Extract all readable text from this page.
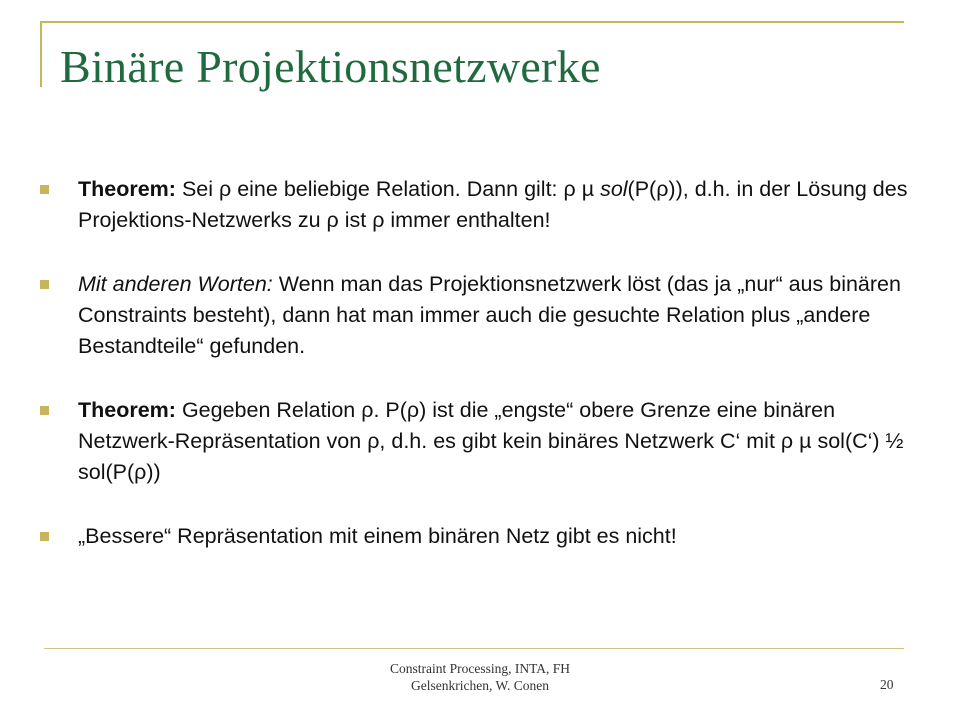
Binäre Projektionsnetzwerke
Theorem: Sei ρ eine beliebige Relation. Dann gilt: ρ µ sol(P(ρ)), d.h. in der Lösung des Projektions-Netzwerks zu ρ ist ρ immer enthalten!
Mit anderen Worten: Wenn man das Projektionsnetzwerk löst (das ja „nur“ aus binären Constraints besteht), dann hat man immer auch die gesuchte Relation plus „andere Bestandteile“ gefunden.
Theorem: Gegeben Relation ρ. P(ρ) ist die „engste“ obere Grenze eine binären Netzwerk-Repräsentation von ρ, d.h. es gibt kein binäres Netzwerk C‘ mit ρ µ sol(C‘) ½ sol(P(ρ))
„Bessere“ Repräsentation mit einem binären Netz gibt es nicht!
Constraint Processing, INTA, FH
Gelsenkrichen, W. Conen	20
